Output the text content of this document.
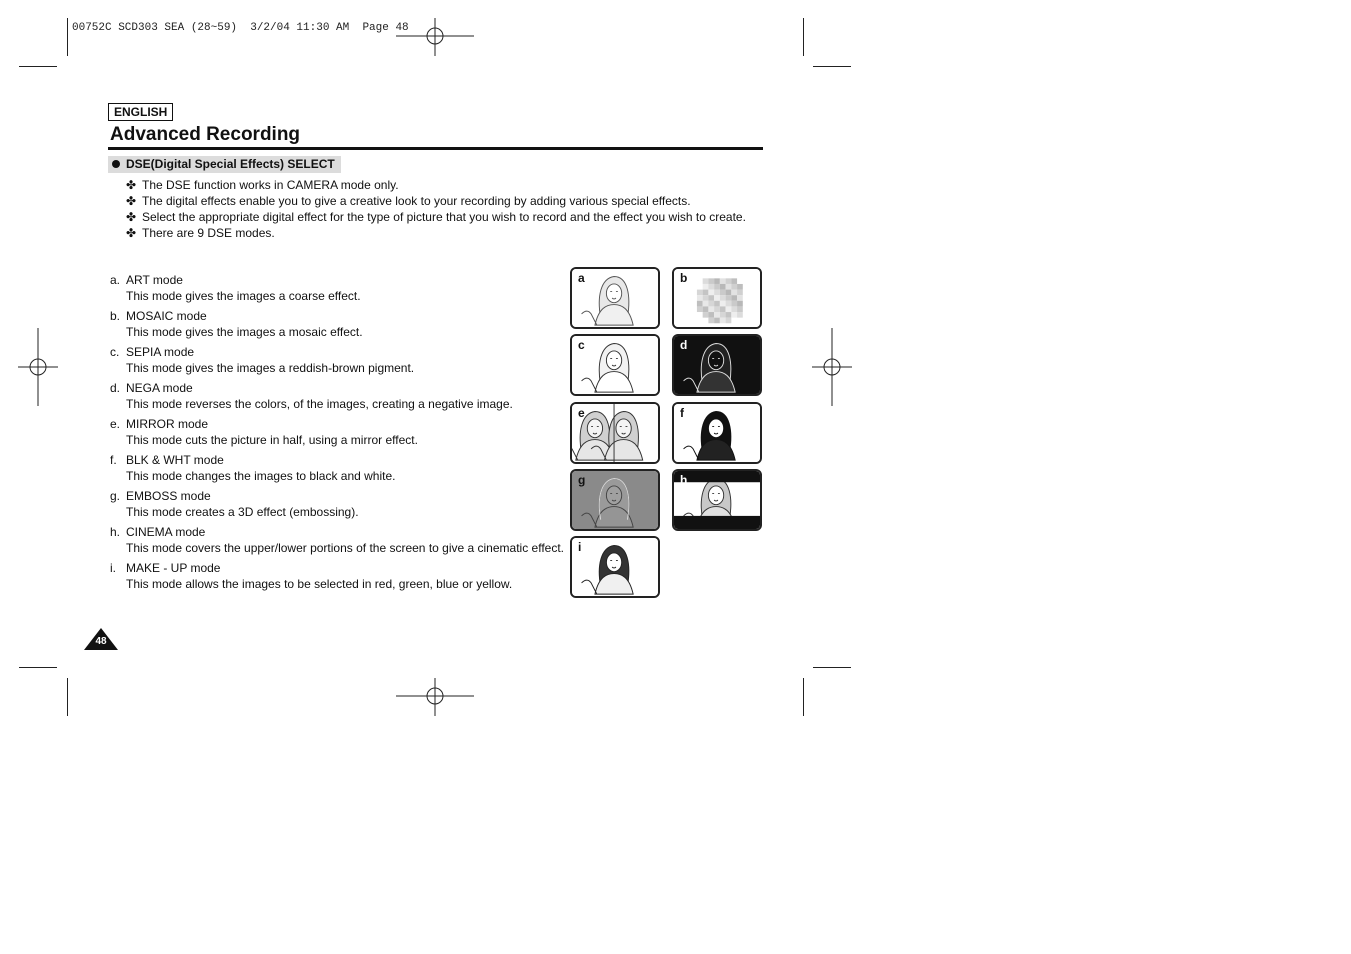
00752C SCD303 SEA (28~59)  3/2/04 11:30 AM  Page 48
ENGLISH
Advanced Recording
DSE(Digital Special Effects) SELECT
✤ The DSE function works in CAMERA mode only.
✤ The digital effects enable you to give a creative look to your recording by adding various special effects.
✤ Select the appropriate digital effect for the type of picture that you wish to record and the effect you wish to create.
✤ There are 9 DSE modes.
a. ART mode
This mode gives the images a coarse effect.
b. MOSAIC mode
This mode gives the images a mosaic effect.
c. SEPIA mode
This mode gives the images a reddish-brown pigment.
d. NEGA mode
This mode reverses the colors, of the images, creating a negative image.
e. MIRROR mode
This mode cuts the picture in half, using a mirror effect.
f. BLK & WHT mode
This mode changes the images to black and white.
g. EMBOSS mode
This mode creates a 3D effect (embossing).
h. CINEMA mode
This mode covers the upper/lower portions of the screen to give a cinematic effect.
i. MAKE - UP mode
This mode allows the images to be selected in red, green, blue or yellow.
a	b
c	d
e	f
g	h
i
48
